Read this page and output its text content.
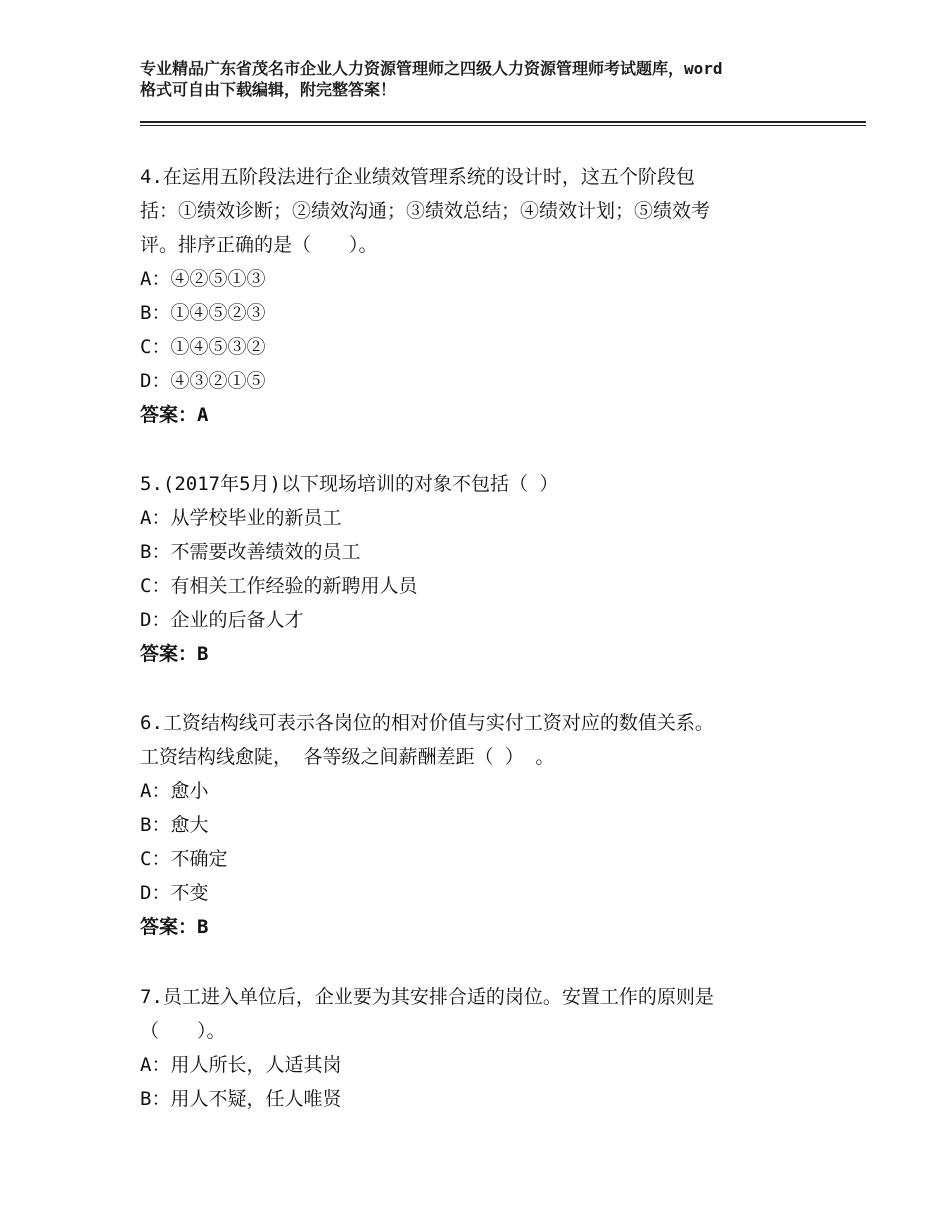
专业精品广东省茂名市企业人力资源管理师之四级人力资源管理师考试题库，word
格式可自由下载编辑，附完整答案！

4.在运用五阶段法进行企业绩效管理系统的设计时，这五个阶段包

括：①绩效诊断；②绩效沟通；③绩效总结；④绩效计划；⑤绩效考

评。排序正确的是（　　）。

A：④②⑤①③

B：①④⑤②③

C：①④⑤③②

D：④③②①⑤

答案：A

5.(2017年5月)以下现场培训的对象不包括（ ）

A：从学校毕业的新员工

B：不需要改善绩效的员工

C：有相关工作经验的新聘用人员

D：企业的后备人才

答案：B

6.工资结构线可表示各岗位的相对价值与实付工资对应的数值关系。

工资结构线愈陡， 各等级之间薪酬差距（ ） 。

A：愈小

B：愈大

C：不确定

D：不变

答案：B

7.员工进入单位后，企业要为其安排合适的岗位。安置工作的原则是

（　　）。

A：用人所长，人适其岗

B：用人不疑，任人唯贤
